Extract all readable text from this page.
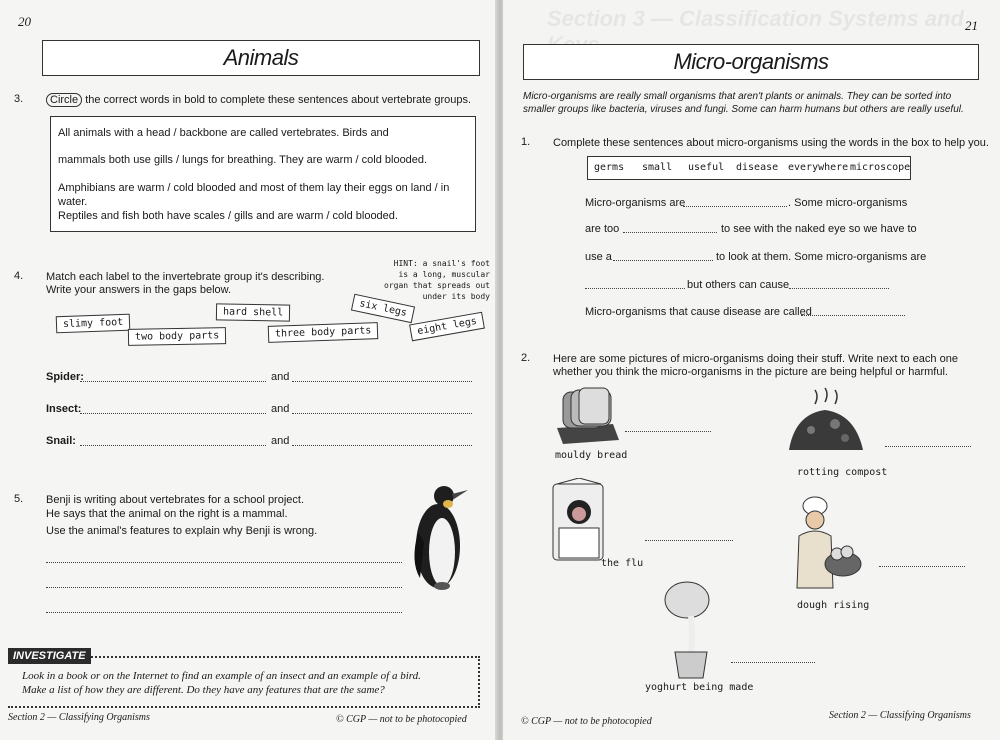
20
Animals
3.	Circle the correct words in bold to complete these sentences about vertebrate groups.
All animals with a head / backbone are called vertebrates. Birds and
mammals both use gills / lungs for breathing. They are warm / cold blooded.
Amphibians are warm / cold blooded and most of them lay their eggs on land / in water.
Reptiles and fish both have scales / gills and are warm / cold blooded.
4. Match each label to the invertebrate group it's describing.
Write your answers in the gaps below.
HINT: a snail's foot is a long, muscular organ that spreads out under its body
slimy foot
two body parts
hard shell
three body parts
six legs
eight legs
Spider:	and
Insect:	and
Snail:	and
5. Benji is writing about vertebrates for a school project.
He says that the animal on the right is a mammal.
Use the animal's features to explain why Benji is wrong.
INVESTIGATE
Look in a book or on the Internet to find an example of an insect and an example of a bird.
Make a list of how they are different. Do they have any features that are the same?
Section 2 — Classifying Organisms	© CGP — not to be photocopied
Section 3 — Classification Systems and 21
Micro-organisms
Micro-organisms are really small organisms that aren't plants or animals. They can be sorted into
smaller groups like bacteria, viruses and fungi. Some can harm humans but others are really useful.
1. Complete these sentences about micro-organisms using the words in the box to help you.
germs small useful disease everywhere microscope
Micro-organisms are	. Some micro-organisms
are too	to see with the naked eye so we have to
use a	to look at them. Some micro-organisms are
but others can cause
Micro-organisms that cause disease are called
2. Here are some pictures of micro-organisms doing their stuff. Write next to each one
whether you think the micro-organisms in the picture are being helpful or harmful.
mouldy bread
rotting compost
the flu
dough rising
yoghurt being made
© CGP — not to be photocopied
Section 2 — Classifying Organisms
